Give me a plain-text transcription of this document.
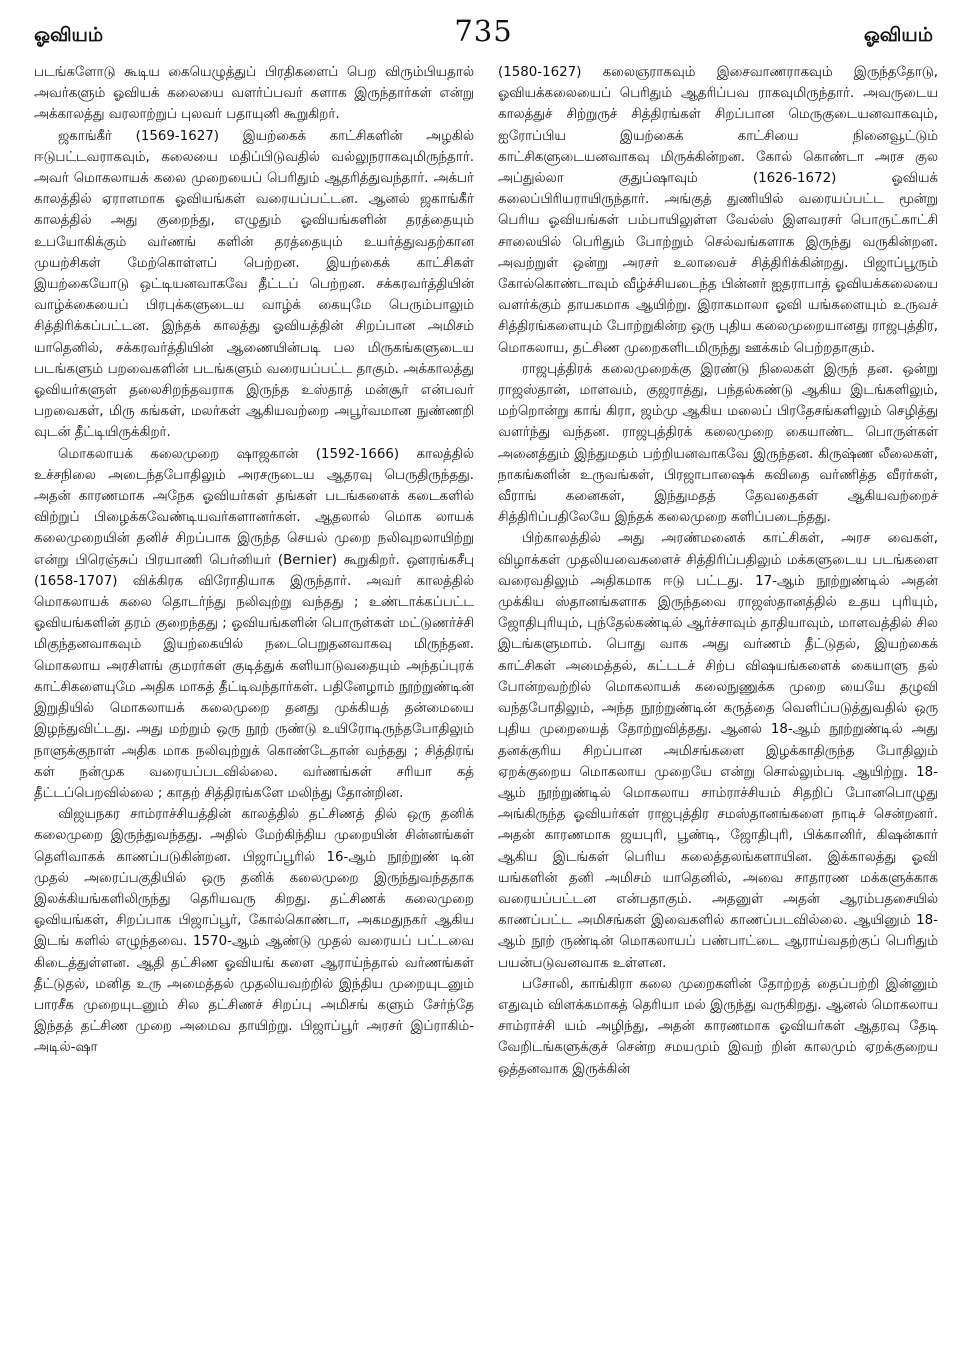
ஓவியம்	735	ஓவியம்

படங்களோடு கூடிய கையெழுத்துப் பிரதிகளைப் பெற விரும்பியதால் அவர்களும் ஓவியக் கலையை வளர்ப்பவர் களாக இருந்தார்கள் என்று அக்காலத்து வரலாற்றுப் புலவர் பதாயுனி கூறுகிறர்.

ஜகாங்கீர் (1569-1627) இயற்கைக் காட்சிகளின் அழகில் ஈடுபட்டவராகவும், கலையை மதிப்பிடுவதில் வல்லுநராகவுமிருந்தார். அவர் மொகலாயக் கலை முறையைப் பெரிதும் ஆதரித்துவந்தார். அக்பர் காலத்தில் ஏராளமாக ஓவியங்கள் வரையப்பட்டன. ஆனல் ஜகாங்கீர் காலத்தில் அது குறைந்து, எழுதும் ஓவியங்களின் தரத்தையும் உபயோகிக்கும் வர்ணங் களின் தரத்தையும் உயர்த்துவதற்கான முயற்சிகள் மேற்கொள்ளப் பெற்றன. இயற்கைக் காட்சிகள் இயற்கையோடு ஒட்டியனவாகவே தீட்டப் பெற்றன. சக்கரவர்த்தியின் வாழ்க்கையைப் பிரபுக்களுடைய வாழ்க் கையுமே பெரும்பாலும் சித்திரிக்கப்பட்டன. இந்தக் காலத்து ஓவியத்தின் சிறப்பான அமிசம் யாதெனில், சக்கரவர்த்தியின் ஆணையின்படி பல மிருகங்களுடைய படங்களும் பறவைகளின் படங்களும் வரையப்பட்ட தாகும். அக்காலத்து ஓவியர்களுள் தலைசிறந்தவராக இருந்த உஸ்தாத் மன்சூர் என்பவர் பறவைகள், மிரு கங்கள், மலர்கள் ஆகியவற்றை அபூர்வமான நுண்ணறி வுடன் தீட்டியிருக்கிறர்.

மொகலாயக் கலைமுறை ஷாஜகான் (1592-1666) காலத்தில் உச்சநிலை அடைந்தபோதிலும் அரசருடைய ஆதரவு பெருதிருந்தது. அதன் காரணமாக அநேக ஓவியர்கள் தங்கள் படங்களைக் கடைகளில் விற்றுப் பிழைக்கவேண்டியவர்களானர்கள். ஆதலால் மொக லாயக் கலைமுறையின் தனிச் சிறப்பாக இருந்த செயல் முறை நலிவுறலாயிற்று என்று பிரெஞ்சுப் பிரயாணி பெர்னியர் (Bernier) கூறுகிறர். ஔரங்கசீபு (1658-1707) விக்கிரக விரோதியாக இருந்தார். அவர் காலத்தில் மொகலாயக் கலை தொடர்ந்து நலிவுற்று வந்தது ; உண்டாக்கப்பட்ட ஓவியங்களின் தரம் குறைந்தது ; ஓவியங்களின் பொருள்கள் மட்டுணர்ச்சி மிகுந்தனவாகவும் இயற்கையில் நடைபெறுதனவாகவு மிருந்தன. மொகலாய அரசிளங் குமரர்கள் குடித்துக் களியாடுவதையும் அந்தப்புரக் காட்சிகளையுமே அதிக மாகத் தீட்டிவந்தார்கள். பதினேழாம் நூற்றுண்டின் இறுதியில் மொகலாயக் கலைமுறை தனது முக்கியத் தன்மையை இழந்துவிட்டது. அது மற்றும் ஒரு நூற் ருண்டு உயிரோடிருந்தபோதிலும் நாளுக்குநாள் அதிக மாக நலிவுற்றுக் கொண்டேதான் வந்தது ; சித்திரங் கள் நன்முக வரையப்படவில்லை. வர்ணங்கள் சரியா கத் தீட்டப்பெறவில்லை ; காதற் சித்திரங்களே மலிந்து தோன்றின.

விஜயநகர சாம்ராச்சியத்தின் காலத்தில் தட்சிணத் தில் ஒரு தனிக் கலைமுறை இருந்துவந்தது. அதில் மேற்கிந்திய முறையின் சின்னங்கள் தெளிவாகக் காணப்படுகின்றன. பிஜாப்பூரில் 16-ஆம் நூற்றுண் டின் முதல் அரைப்பகுதியில் ஒரு தனிக் கலைமுறை இருந்துவந்ததாக இலக்கியங்களிலிருந்து தெரியவரு கிறது. தட்சிணக் கலைமுறை ஓவியங்கள், சிறப்பாக பிஜாப்பூர், கோல்கொண்டா, அகமதுநகர் ஆகிய இடங் களில் எழுந்தவை. 1570-ஆம் ஆண்டு முதல் வரையப் பட்டவை கிடைத்துள்ளன. ஆதி தட்சிண ஓவியங் களை ஆராய்ந்தால் வர்ணங்கள் தீட்டுதல், மனித உரு அமைத்தல் முதலியவற்றில் இந்திய முறையுடனும் பாரசீக முறையுடனும் சில தட்சிணச் சிறப்பு அமிசங் களும் சேர்ந்தே இந்தத் தட்சிண முறை அமைவ தாயிற்று. பிஜாப்பூர் அரசர் இப்ராகிம்-அடில்-ஷா

(1580-1627) கலைஞராகவும் இசைவாணராகவும் இருந்ததோடு, ஓவியக்கலையைப் பெரிதும் ஆதரிப்பவ ராகவுமிருந்தார். அவருடைய காலத்துச் சிற்றுருச் சித்திரங்கள் சிறப்பான மெருகுடையனவாகவும், ஐரோப்பிய இயற்கைக் காட்சியை நினைவூட்டும் காட்சிகளுடையனவாகவு மிருக்கின்றன. கோல் கொண்டா அரச குல அப்துல்லா குதுப்ஷாவும் (1626-1672) ஓவியக் கலைப்பிரியராயிருந்தார். அங்குத் துணியில் வரையப்பட்ட மூன்று பெரிய ஓவியங்கள் பம்பாயிலுள்ள வேல்ஸ் இளவரசர் பொருட்காட்சி சாலையில் பெரிதும் போற்றும் செல்வங்களாக இருந்து வருகின்றன. அவற்றுள் ஒன்று அரசர் உலாவைச் சித்திரிக்கின்றது. பிஜாப்பூரும் கோல்கொண்டாவும் வீழ்ச்சியடைந்த பின்னர் ஐதராபாத் ஓவியக்கலையை வளர்க்கும் தாயகமாக ஆயிற்று. இராகமாலா ஓவி யங்களையும் உருவச் சித்திரங்களையும் போற்றுகின்ற ஒரு புதிய கலைமுறையானது ராஜபுத்திர, மொகலாய, தட்சிண முறைகளிடமிருந்து ஊக்கம் பெற்றதாகும்.

ராஜபுத்திரக் கலைமுறைக்கு இரண்டு நிலைகள் இருந் தன. ஒன்று ராஜஸ்தான், மாளவம், குஜராத்து, பந்தல்கண்டு ஆகிய இடங்களிலும், மற்றொன்று காங் கிரா, ஜம்மு ஆகிய மலைப் பிரதேசங்களிலும் செழித்து வளர்ந்து வந்தன. ராஜபுத்திரக் கலைமுறை கையாண்ட பொருள்கள் அனைத்தும் இந்துமதம் பற்றியனவாகவே இருந்தன. கிருஷ்ண லீலைகள், நாகங்களின் உருவங்கள், பிரஜாபாஷைக் கவிதை வர்ணித்த வீரர்கள், வீராங் கனைகள், இந்துமதத் தேவதைகள் ஆகியவற்றைச் சித்திரிப்பதிலேயே இந்தக் கலைமுறை களிப்படைந்தது.

பிற்காலத்தில் அது அரண்மனைக் காட்சிகள், அரச வைகள், விழாக்கள் முதலியவைகளைச் சித்திரிப்பதிலும் மக்களுடைய படங்களை வரைவதிலும் அதிகமாக ஈடு பட்டது. 17-ஆம் நூற்றுண்டில் அதன் முக்கிய ஸ்தானங்களாக இருந்தவை ராஜஸ்தானத்தில் உதய புரியும், ஜோதிபுரியும், புந்தேல்கண்டில் ஆர்ச்சாவும் தாதியாவும், மாளவத்தில் சில இடங்களுமாம். பொது வாக அது வர்ணம் தீட்டுதல், இயற்கைக் காட்சிகள் அமைத்தல், கட்டடச் சிற்ப விஷயங்களைக் கையாளு தல் போன்றவற்றில் மொகலாயக் கலைநுணுக்க முறை யையே தழுவி வந்தபோதிலும், அந்த நூற்றுண்டின் கருத்தை வெளிப்படுத்துவதில் ஒரு புதிய முறையைத் தோற்றுவித்தது. ஆனல் 18-ஆம் நூற்றுண்டில் அது தனக்குரிய சிறப்பான அமிசங்களை இழக்காதிருந்த போதிலும் ஏறக்குறைய மொகலாய முறையே என்று சொல்லும்படி ஆயிற்று. 18-ஆம் நூற்றுண்டில் மொகலாய சாம்ராச்சியம் சிதறிப் போனபொழுது அங்கிருந்த ஓவியர்கள் ராஜபுத்திர சமஸ்தானங்களை நாடிச் சென்றனர். அதன் காரணமாக ஜயபுரி, பூண்டி, ஜோதிபுரி, பிக்கானிர், கிஷன்கார் ஆகிய இடங்கள் பெரிய கலைத்தலங்களாயின. இக்காலத்து ஓவி யங்களின் தனி அமிசம் யாதெனில், அவை சாதாரண மக்களுக்காக வரையப்பட்டன என்பதாகும். அதனுள் அதன் ஆரம்பதசையில் காணப்பட்ட அமிசங்கள் இவைகளில் காணப்படவில்லை. ஆயினும் 18-ஆம் நூற் ருண்டின் மொகலாயப் பண்பாட்டை ஆராய்வதற்குப் பெரிதும் பயன்படுவனவாக உள்ளன.

பசோலி, காங்கிரா கலை முறைகளின் தோற்றத் தைப்பற்றி இன்னும் எதுவும் விளக்கமாகத் தெரியா மல் இருந்து வருகிறது. ஆனல் மொகலாய சாம்ராச்சி யம் அழிந்து, அதன் காரணமாக ஓவியர்கள் ஆதரவு தேடி வேறிடங்களுக்குச் சென்ற சமயமும் இவற் றின் காலமும் ஏறக்குறைய ஒத்தனவாக இருக்கின்
